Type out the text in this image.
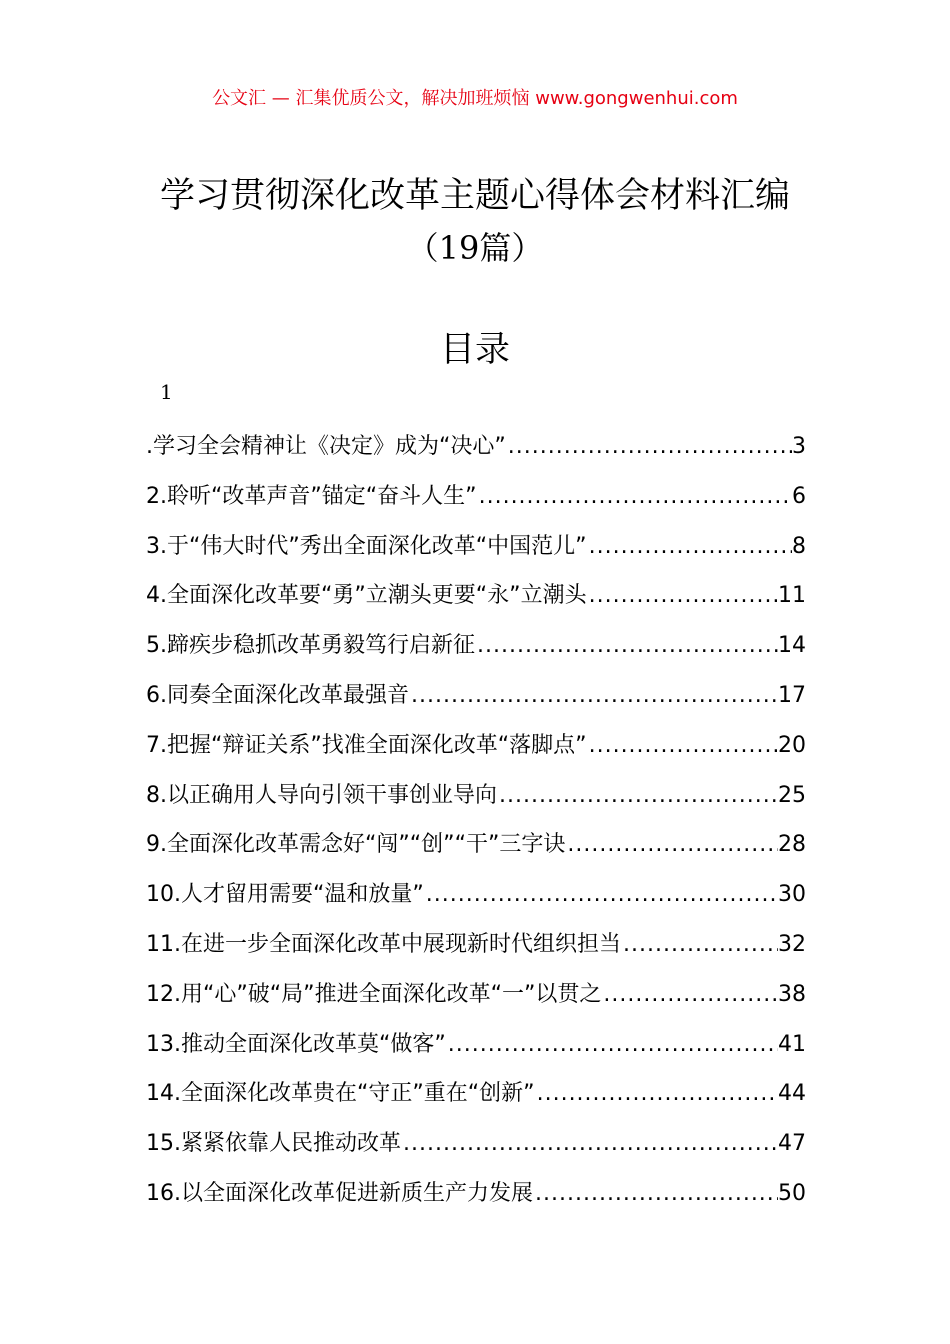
公文汇 — 汇集优质公文，解决加班烦恼 www.gongwenhui.com
学习贯彻深化改革主题心得体会材料汇编
（19篇）
目录
1
.学习全会精神让《决定》成为“决心” .....	3
2.聆听“改革声音”锚定“奋斗人生” .....	6
3.于“伟大时代”秀出全面深化改革“中国范儿” .....	8
4.全面深化改革要“勇”立潮头更要“永”立潮头 .....	11
5.蹄疾步稳抓改革勇毅笃行启新征 .....	14
6.同奏全面深化改革最强音 .....	17
7.把握“辩证关系”找准全面深化改革“落脚点” .....	20
8.以正确用人导向引领干事创业导向 .....	25
9.全面深化改革需念好“闯”“创”“干”三字诀 .....	28
10.人才留用需要“温和放量” .....	30
11.在进一步全面深化改革中展现新时代组织担当 .....	32
12.用“心”破“局”推进全面深化改革“一”以贯之 .....	38
13.推动全面深化改革莫“做客” .....	41
14.全面深化改革贵在“守正”重在“创新” .....	44
15.紧紧依靠人民推动改革 .....	47
16.以全面深化改革促进新质生产力发展 .....	50
